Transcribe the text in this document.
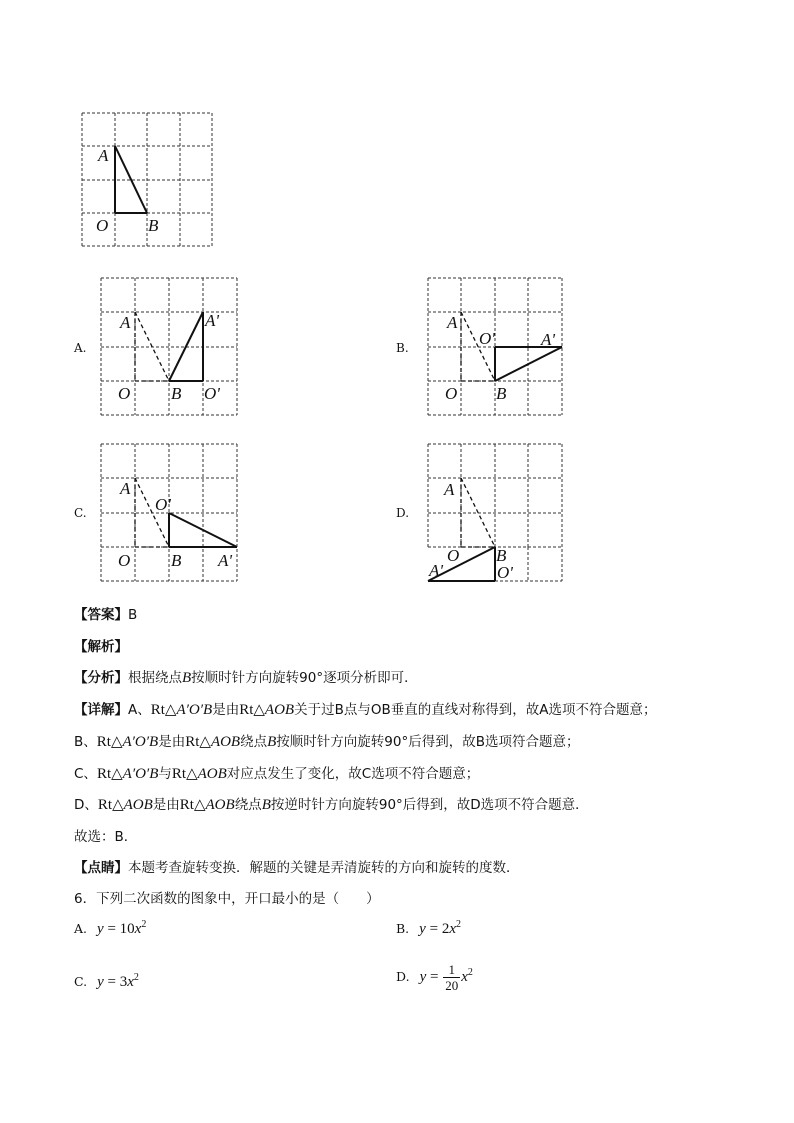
A
O B
A.
A	A'
O B O'
B.
A
O'	A'
O B
C.
A
O'
O B A'
D.
A
O B
A'	O'
【答案】B
【解析】
【分析】根据绕点B按顺时针方向旋转90°逐项分析即可．
【详解】A、Rt△A′O′B是由Rt△AOB关于过B点与OB垂直的直线对称得到，故A选项不符合题意；
B、Rt△A′O′B是由Rt△AOB绕点B按顺时针方向旋转90°后得到，故B选项符合题意；
C、Rt△A′O′B与Rt△AOB对应点发生了变化，故C选项不符合题意；
D、Rt△AOB是由Rt△AOB绕点B按逆时针方向旋转90°后得到，故D选项不符合题意．
故选：B．
【点睛】本题考查旋转变换．解题的关键是弄清旋转的方向和旋转的度数．
6．下列二次函数的图象中，开口最小的是（　　）
A. $y = 10x^2$	B. $y = 2x^2$
C. $y = 3x^2$	D. $y = \frac{1}{20} x^2$
